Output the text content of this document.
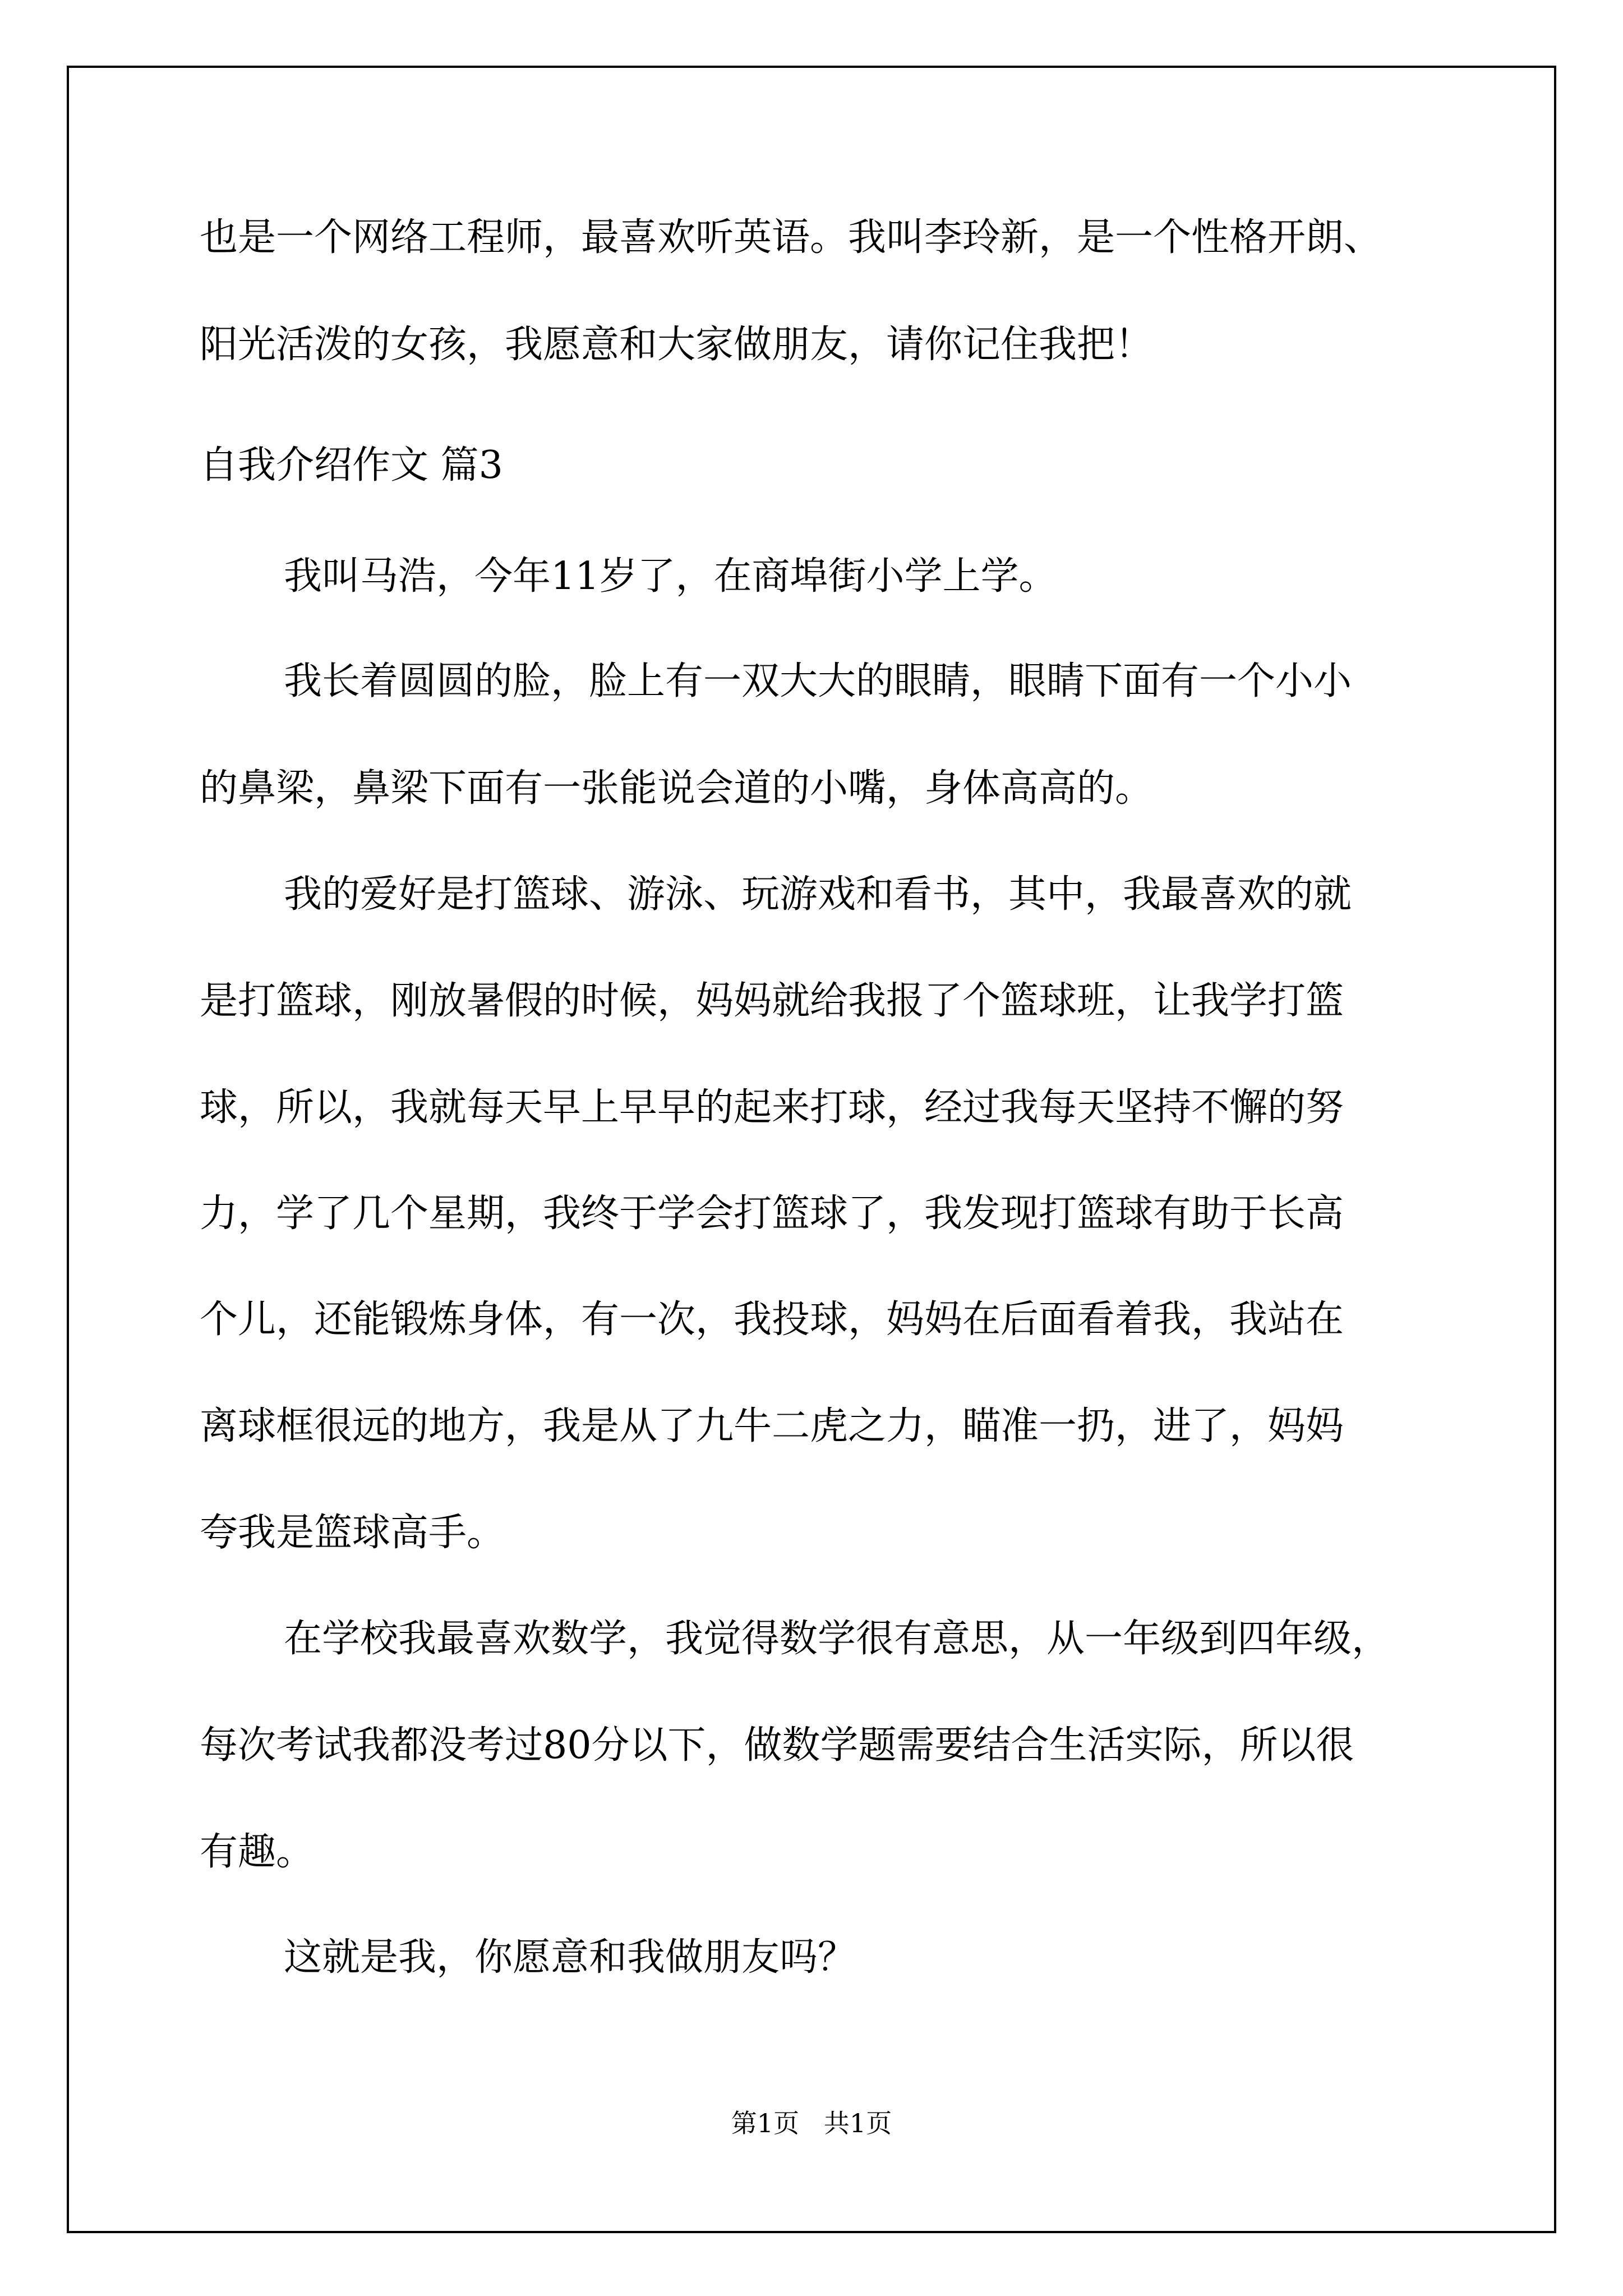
也是一个网络工程师，最喜欢听英语。我叫李玲新，是一个性格开朗、
阳光活泼的女孩，我愿意和大家做朋友，请你记住我把！
自我介绍作文 篇3
我叫马浩，今年11岁了，在商埠街小学上学。
我长着圆圆的脸，脸上有一双大大的眼睛，眼睛下面有一个小小
的鼻梁，鼻梁下面有一张能说会道的小嘴，身体高高的。
我的爱好是打篮球、游泳、玩游戏和看书，其中，我最喜欢的就
是打篮球，刚放暑假的时候，妈妈就给我报了个篮球班，让我学打篮
球，所以，我就每天早上早早的起来打球，经过我每天坚持不懈的努
力，学了几个星期，我终于学会打篮球了，我发现打篮球有助于长高
个儿，还能锻炼身体，有一次，我投球，妈妈在后面看着我，我站在
离球框很远的地方，我是从了九牛二虎之力，瞄准一扔，进了，妈妈
夸我是篮球高手。
在学校我最喜欢数学，我觉得数学很有意思，从一年级到四年级，
每次考试我都没考过80分以下，做数学题需要结合生活实际，所以很
有趣。
这就是我，你愿意和我做朋友吗？
第1页   共1页
